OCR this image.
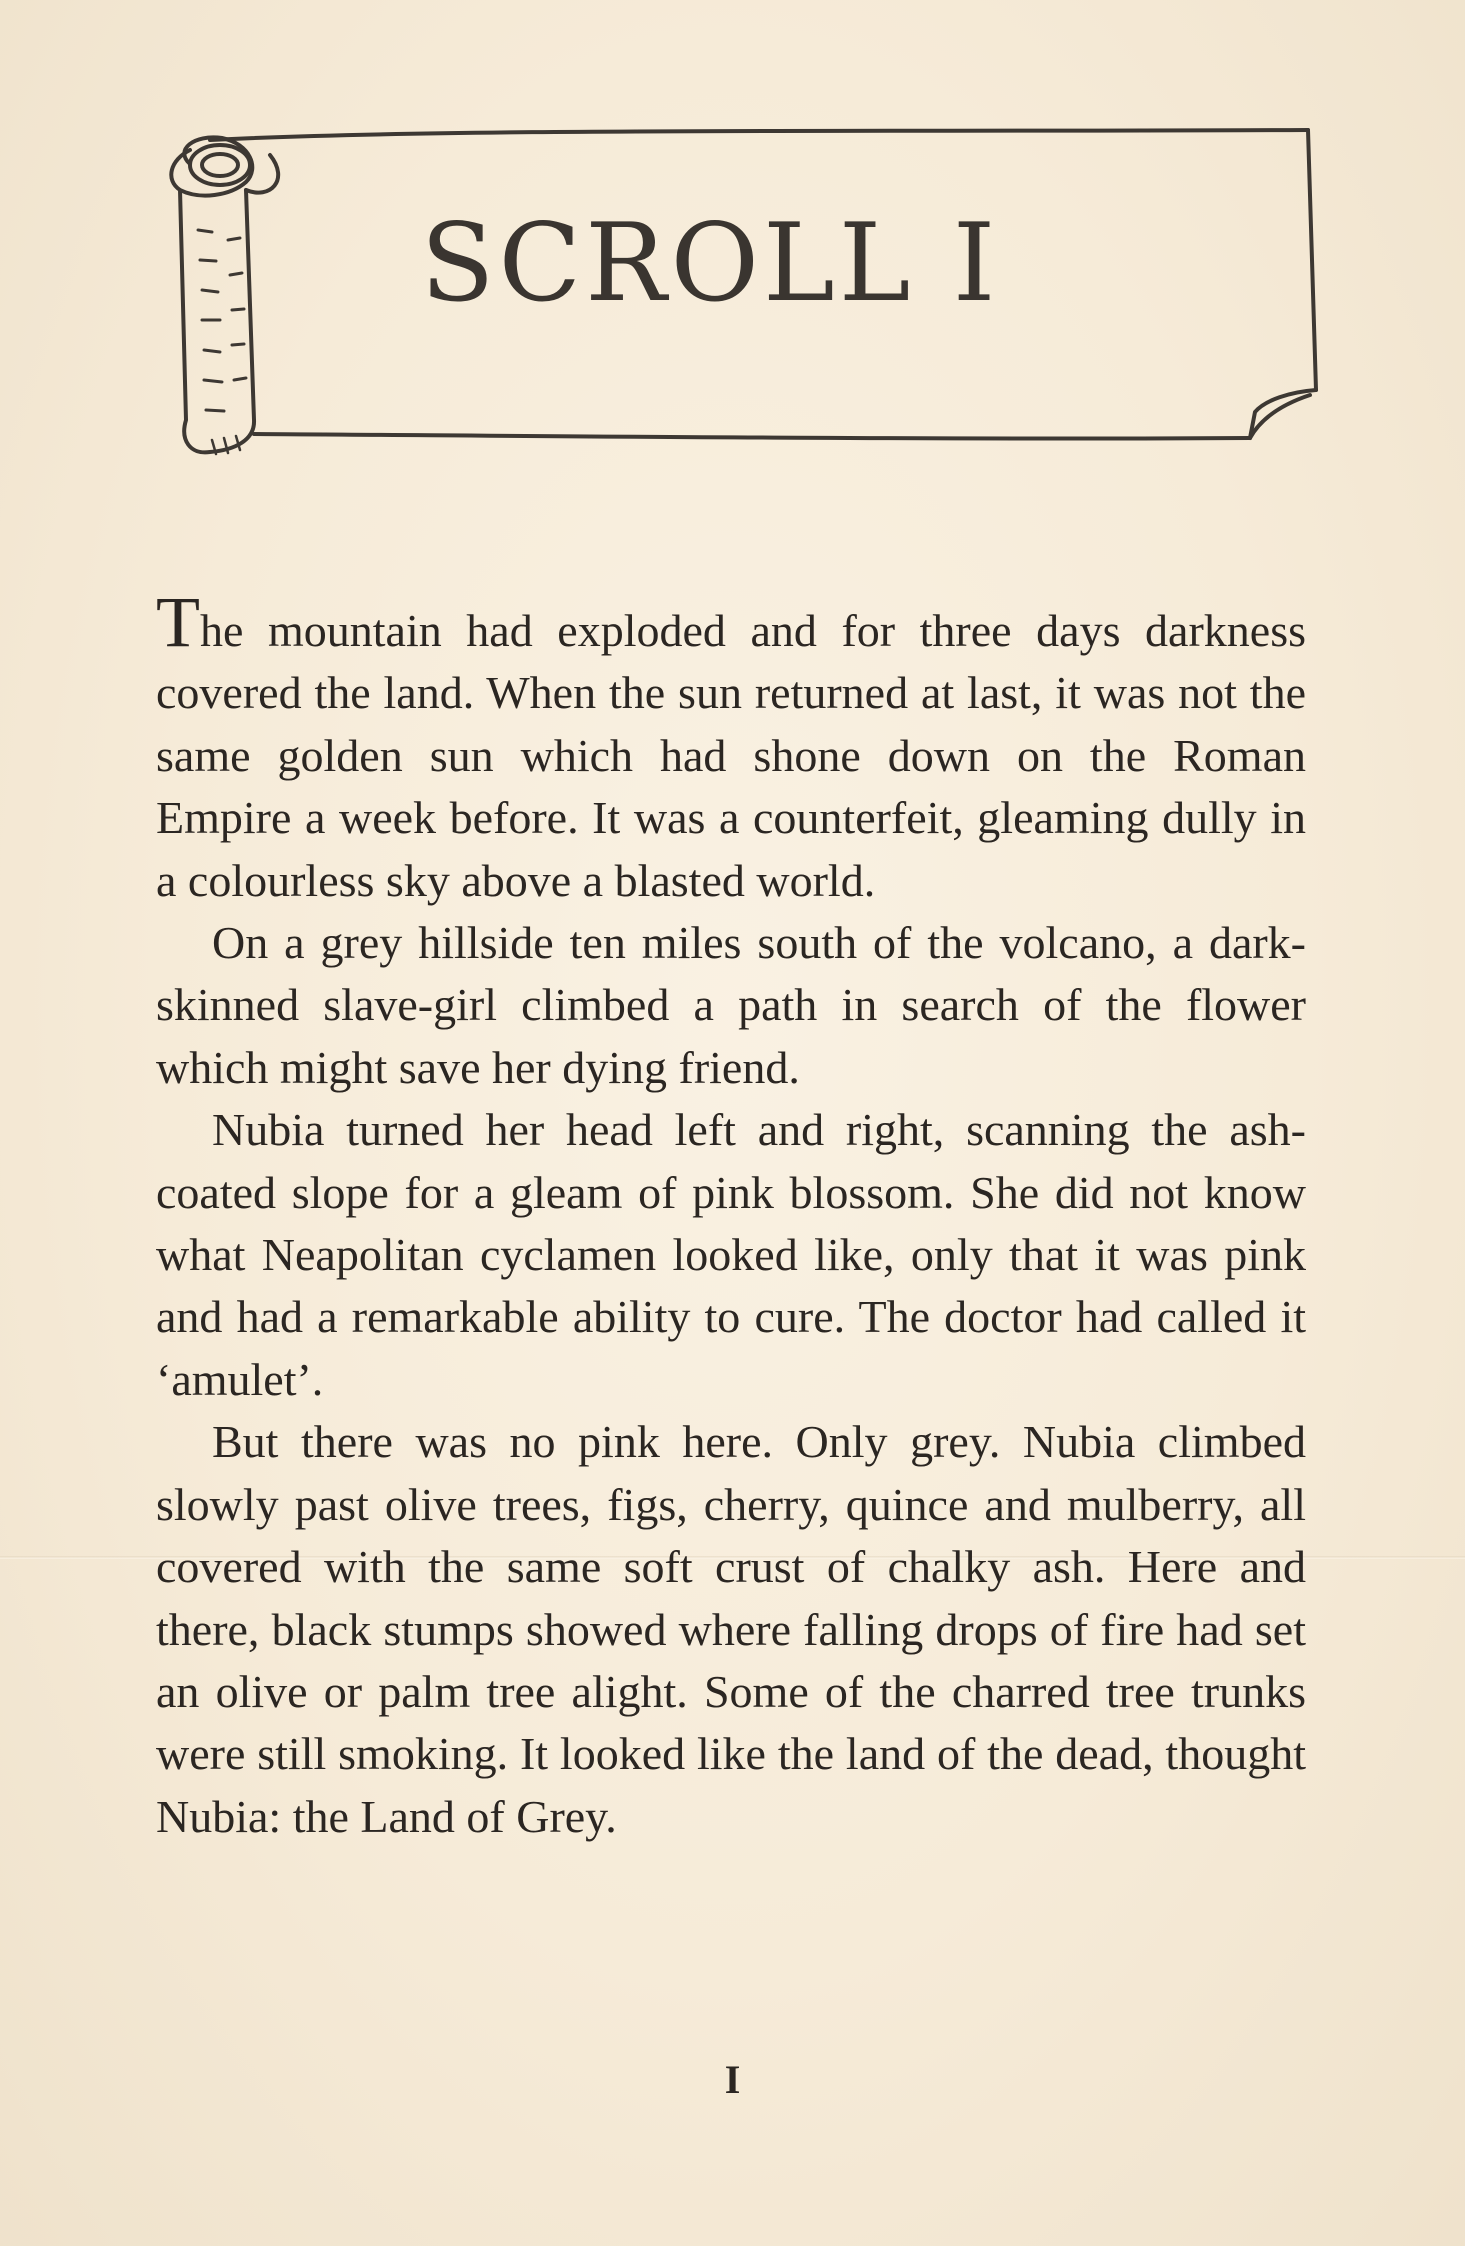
SCROLL I

The mountain had exploded and for three days darkness covered the land. When the sun returned at last, it was not the same golden sun which had shone down on the Roman Empire a week before. It was a counterfeit, gleaming dully in a colourless sky above a blasted world.

On a grey hillside ten miles south of the volcano, a dark-skinned slave-girl climbed a path in search of the flower which might save her dying friend.

Nubia turned her head left and right, scanning the ash-coated slope for a gleam of pink blossom. She did not know what Neapolitan cyclamen looked like, only that it was pink and had a remarkable ability to cure. The doctor had called it ‘amulet’.

But there was no pink here. Only grey. Nubia climbed slowly past olive trees, figs, cherry, quince and mulberry, all covered with the same soft crust of chalky ash. Here and there, black stumps showed where falling drops of fire had set an olive or palm tree alight. Some of the charred tree trunks were still smoking. It looked like the land of the dead, thought Nubia: the Land of Grey.

I
